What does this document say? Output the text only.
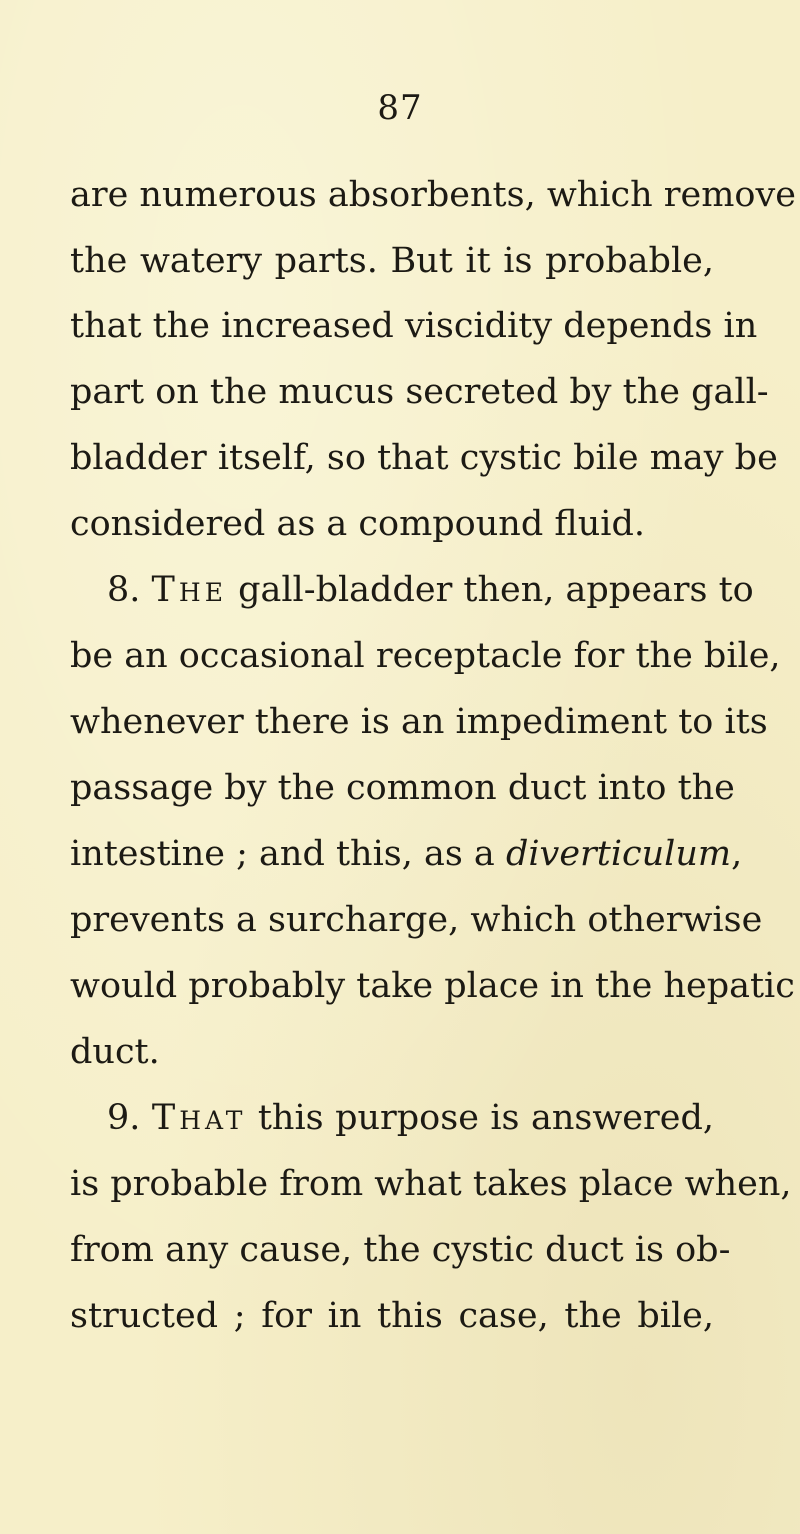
87
are numerous absorbents, which remove
the watery parts. But it is probable,
that the increased viscidity depends in
part on the mucus secreted by the gall-
bladder itself, so that cystic bile may be
considered as a compound fluid.
8. The gall-bladder then, appears to
be an occasional receptacle for the bile,
whenever there is an impediment to its
passage by the common duct into the
intestine ; and this, as a diverticulum,
prevents a surcharge, which otherwise
would probably take place in the hepatic
duct.
9. That this purpose is answered,
is probable from what takes place when,
from any cause, the cystic duct is ob-
structed ; for in this case, the bile,
